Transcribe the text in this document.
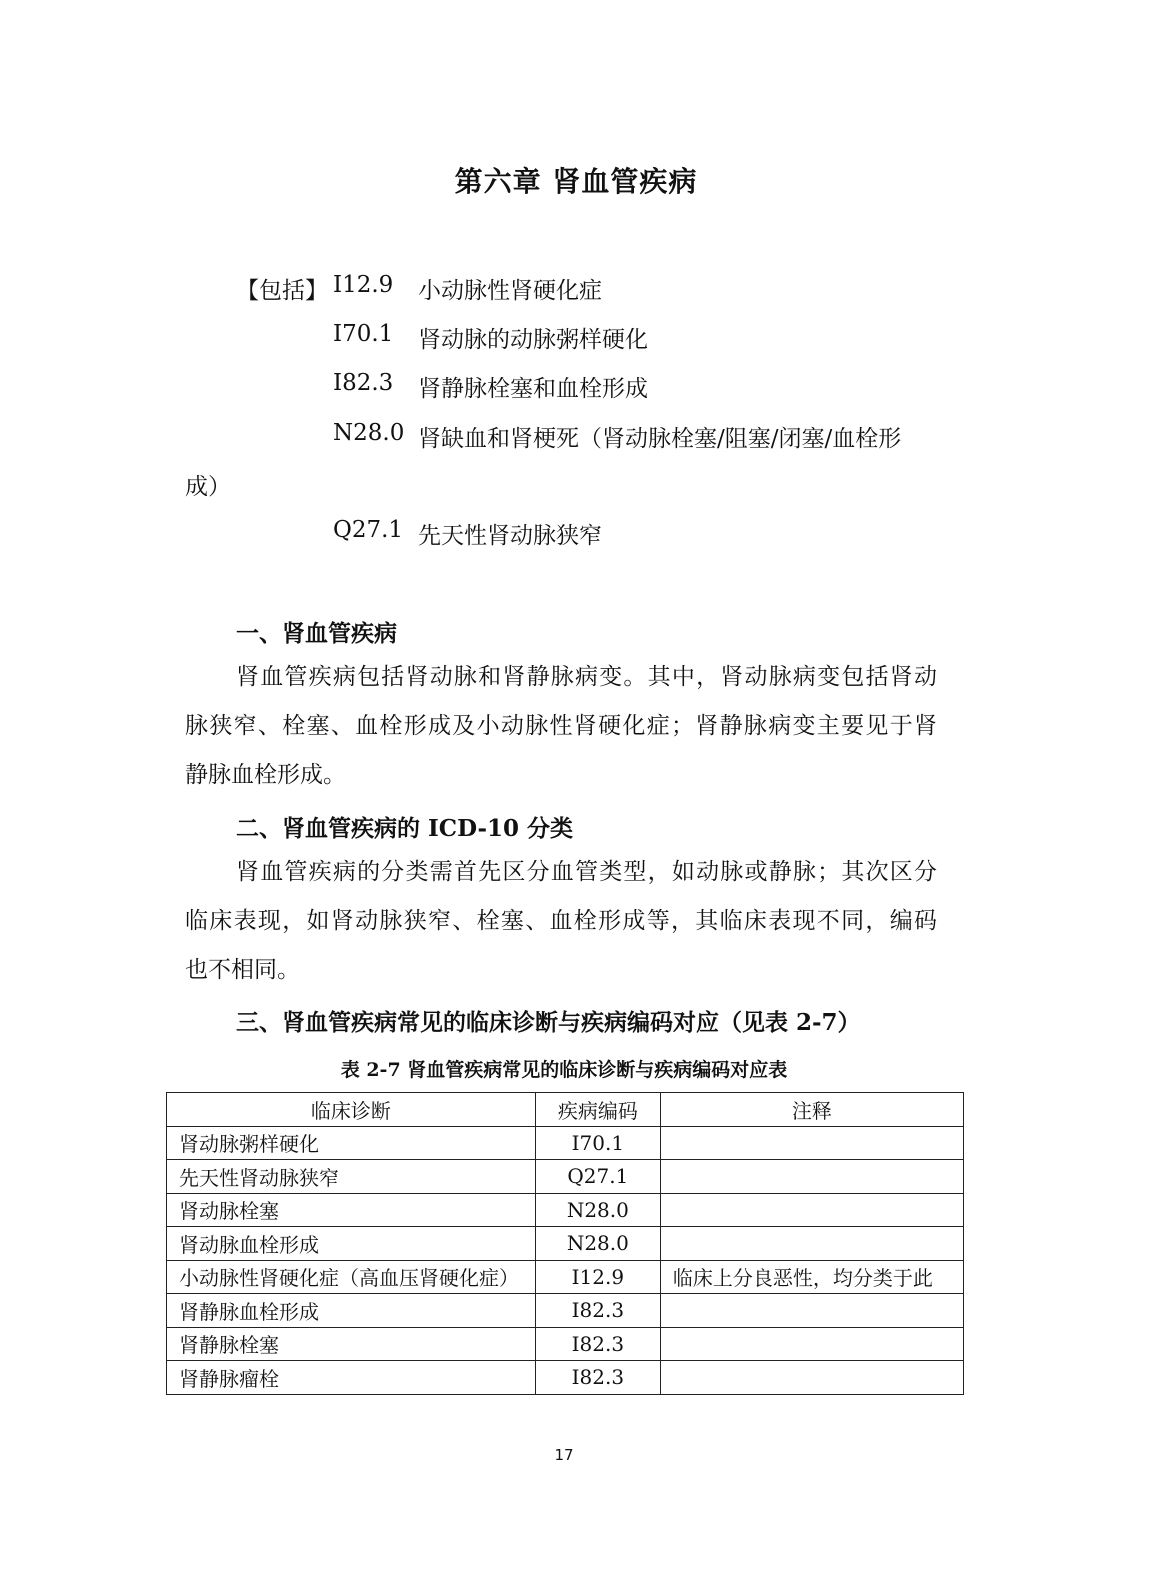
第六章 肾血管疾病
【包括】 I12.9 小动脉性肾硬化症
I70.1 肾动脉的动脉粥样硬化
I82.3 肾静脉栓塞和血栓形成
N28.0 肾缺血和肾梗死（肾动脉栓塞/阻塞/闭塞/血栓形
成）
Q27.1 先天性肾动脉狭窄
一、肾血管疾病
肾血管疾病包括肾动脉和肾静脉病变。其中，肾动脉病变包括肾动
脉狭窄、栓塞、血栓形成及小动脉性肾硬化症；肾静脉病变主要见于肾
静脉血栓形成。
二、肾血管疾病的 ICD-10 分类
肾血管疾病的分类需首先区分血管类型，如动脉或静脉；其次区分
临床表现，如肾动脉狭窄、栓塞、血栓形成等，其临床表现不同，编码
也不相同。
三、肾血管疾病常见的临床诊断与疾病编码对应（见表 2-7）
表 2-7 肾血管疾病常见的临床诊断与疾病编码对应表
临床诊断	疾病编码	注释
肾动脉粥样硬化	I70.1	
先天性肾动脉狭窄	Q27.1	
肾动脉栓塞	N28.0	
肾动脉血栓形成	N28.0	
小动脉性肾硬化症（高血压肾硬化症）	I12.9	临床上分良恶性，均分类于此
肾静脉血栓形成	I82.3	
肾静脉栓塞	I82.3	
肾静脉瘤栓	I82.3	
17
